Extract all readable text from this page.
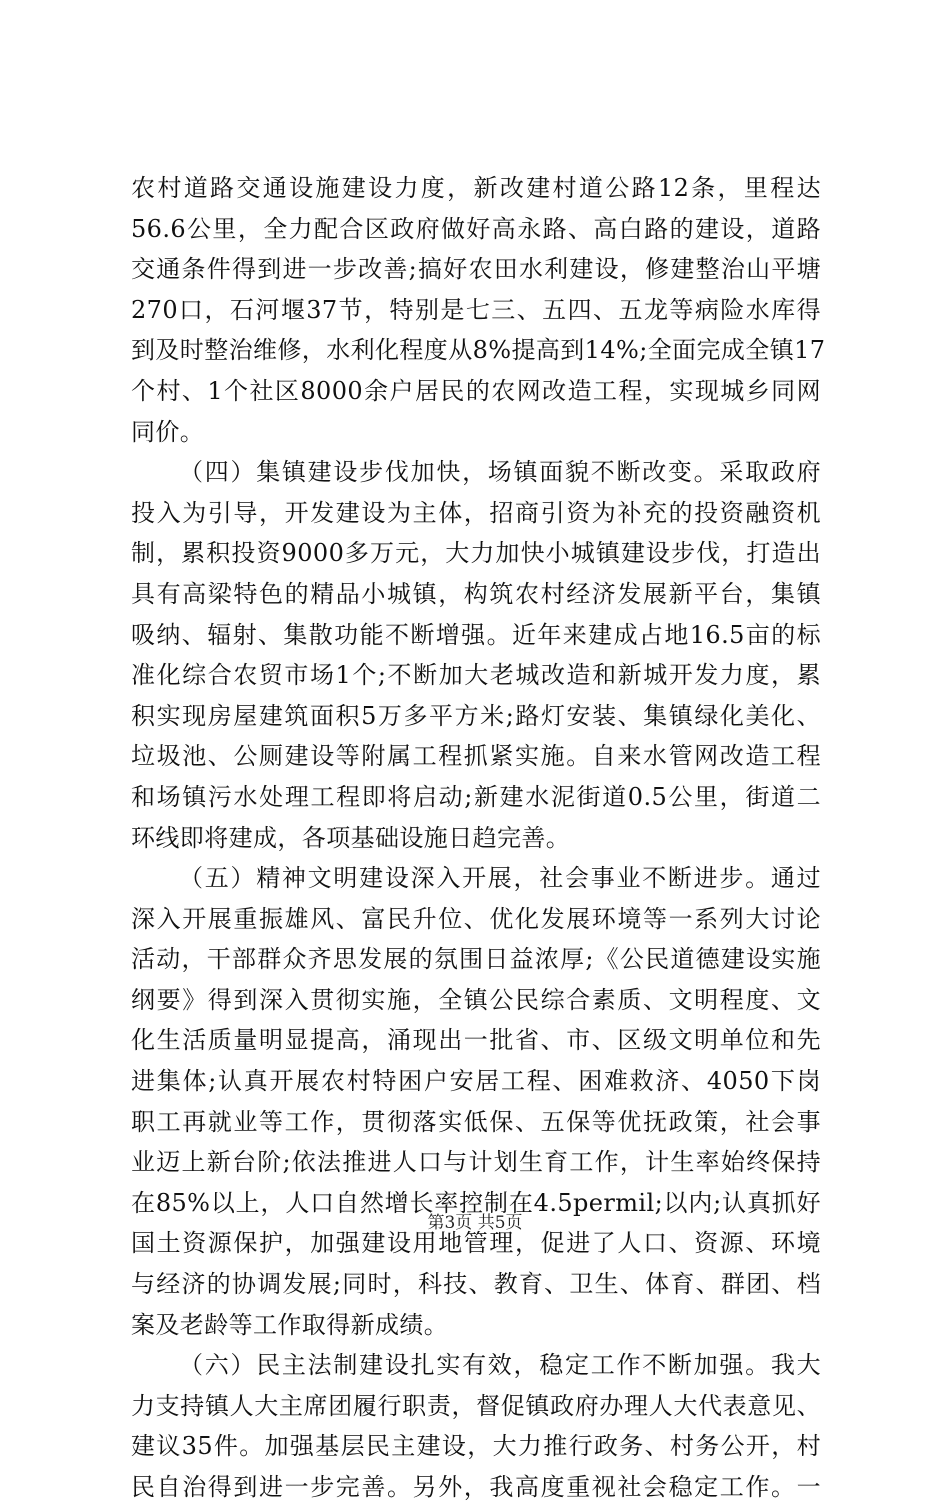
农村道路交通设施建设力度，新改建村道公路12条，里程达
56.6公里，全力配合区政府做好高永路、高白路的建设，道路
交通条件得到进一步改善;搞好农田水利建设，修建整治山平塘
270口，石河堰37节，特别是七三、五四、五龙等病险水库得
到及时整治维修，水利化程度从8%提高到14%;全面完成全镇17
个村、1个社区8000余户居民的农网改造工程，实现城乡同网
同价。
（四）集镇建设步伐加快，场镇面貌不断改变。采取政府
投入为引导，开发建设为主体，招商引资为补充的投资融资机
制，累积投资9000多万元，大力加快小城镇建设步伐，打造出
具有高梁特色的精品小城镇，构筑农村经济发展新平台，集镇
吸纳、辐射、集散功能不断增强。近年来建成占地16.5亩的标
准化综合农贸市场1个;不断加大老城改造和新城开发力度，累
积实现房屋建筑面积5万多平方米;路灯安装、集镇绿化美化、
垃圾池、公厕建设等附属工程抓紧实施。自来水管网改造工程
和场镇污水处理工程即将启动;新建水泥街道0.5公里，街道二
环线即将建成，各项基础设施日趋完善。
（五）精神文明建设深入开展，社会事业不断进步。通过
深入开展重振雄风、富民升位、优化发展环境等一系列大讨论
活动，干部群众齐思发展的氛围日益浓厚;《公民道德建设实施
纲要》得到深入贯彻实施，全镇公民综合素质、文明程度、文
化生活质量明显提高，涌现出一批省、市、区级文明单位和先
进集体;认真开展农村特困户安居工程、困难救济、4050下岗
职工再就业等工作，贯彻落实低保、五保等优抚政策，社会事
业迈上新台阶;依法推进人口与计划生育工作，计生率始终保持
在85%以上，人口自然增长率控制在4.5permil;以内;认真抓好
国土资源保护，加强建设用地管理，促进了人口、资源、环境
与经济的协调发展;同时，科技、教育、卫生、体育、群团、档
案及老龄等工作取得新成绩。
（六）民主法制建设扎实有效，稳定工作不断加强。我大
力支持镇人大主席团履行职责，督促镇政府办理人大代表意见、
建议35件。加强基层民主建设，大力推行政务、村务公开，村
民自治得到进一步完善。另外，我高度重视社会稳定工作。一
第3页 共5页
